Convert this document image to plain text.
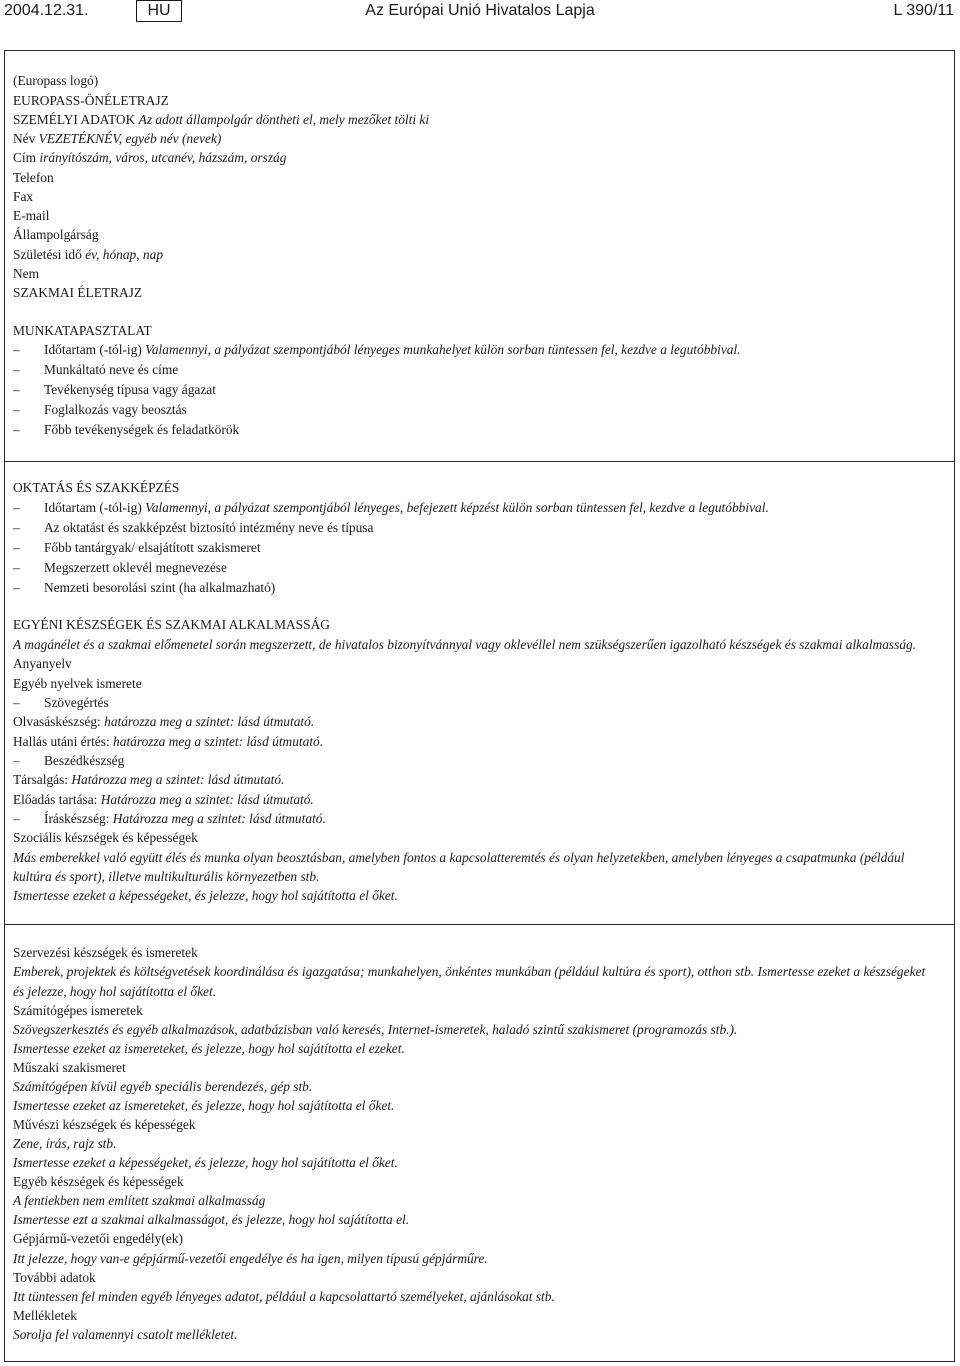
2004.12.31.	HU	Az Európai Unió Hivatalos Lapja	L 390/11
(Europass logó)
EUROPASS-ÖNÉLETRAJZ
SZEMÉLYI ADATOK Az adott állampolgár döntheti el, mely mezőket tölti ki
Név VEZETÉKNÉV, egyéb név (nevek)
Cím irányítószám, város, utcanév, házszám, ország
Telefon
Fax
E-mail
Állampolgárság
Születési idő év, hónap, nap
Nem
SZAKMAI ÉLETRAJZ
MUNKATAPASZTALAT
– Időtartam (-tól-ig) Valamennyi, a pályázat szempontjából lényeges munkahelyet külön sorban tüntessen fel, kezdve a legutóbbival.
– Munkáltató neve és címe
– Tevékenység típusa vagy ágazat
– Foglalkozás vagy beosztás
– Főbb tevékenységek és feladatkörök
OKTATÁS ÉS SZAKKÉPZÉS
– Időtartam (-tól-ig) Valamennyi, a pályázat szempontjából lényeges, befejezett képzést külön sorban tüntessen fel, kezdve a legutóbbival.
– Az oktatást és szakképzést biztosító intézmény neve és típusa
– Főbb tantárgyak/ elsajátított szakismeret
– Megszerzett oklevél megnevezése
– Nemzeti besorolási szint (ha alkalmazható)
EGYÉNI KÉSZSÉGEK ÉS SZAKMAI ALKALMASSÁG
A magánélet és a szakmai előmenetel során megszerzett, de hivatalos bizonyítvánnyal vagy oklevéllel nem szükségszerűen igazolható készségek és szakmai alkalmasság.
Anyanyelv
Egyéb nyelvek ismerete
– Szövegértés
Olvasáskészség: határozza meg a szintet: lásd útmutató.
Hallás utáni értés: határozza meg a szintet: lásd útmutató.
– Beszédkészség
Társalgás: Határozza meg a szintet: lásd útmutató.
Előadás tartása: Határozza meg a szintet: lásd útmutató.
– Íráskészség: Határozza meg a szintet: lásd útmutató.
Szociális készségek és képességek
Más emberekkel való együtt élés és munka olyan beosztásban, amelyben fontos a kapcsolatteremtés és olyan helyzetekben, amelyben lényeges a csapatmunka (például
kultúra és sport), illetve multikulturális környezetben stb.
Ismertesse ezeket a képességeket, és jelezze, hogy hol sajátította el őket.
Szervezési készségek és ismeretek
Emberek, projektek és költségvetések koordinálása és igazgatása; munkahelyen, önkéntes munkában (például kultúra és sport), otthon stb. Ismertesse ezeket a készségeket
és jelezze, hogy hol sajátította el őket.
Számítógépes ismeretek
Szövegszerkesztés és egyéb alkalmazások, adatbázisban való keresés, Internet-ismeretek, haladó szintű szakismeret (programozás stb.).
Ismertesse ezeket az ismereteket, és jelezze, hogy hol sajátította el ezeket.
Műszaki szakismeret
Számítógépen kívül egyéb speciális berendezés, gép stb.
Ismertesse ezeket az ismereteket, és jelezze, hogy hol sajátította el őket.
Művészi készségek és képességek
Zene, írás, rajz stb.
Ismertesse ezeket a képességeket, és jelezze, hogy hol sajátította el őket.
Egyéb készségek és képességek
A fentiekben nem említett szakmai alkalmasság
Ismertesse ezt a szakmai alkalmasságot, és jelezze, hogy hol sajátította el.
Gépjármű-vezetői engedély(ek)
Itt jelezze, hogy van-e gépjármű-vezetői engedélye és ha igen, milyen típusú gépjárműre.
További adatok
Itt tüntessen fel minden egyéb lényeges adatot, például a kapcsolattartó személyeket, ajánlásokat stb.
Mellékletek
Sorolja fel valamennyi csatolt mellékletet.
